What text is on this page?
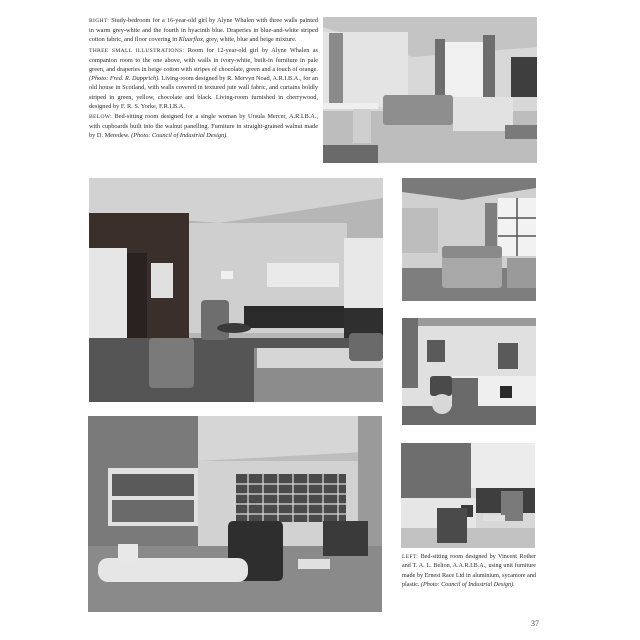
RIGHT: Study-bedroom for a 16-year-old girl by Alyne Whalen with three walls painted in warm grey-white and the fourth in hyacinth blue. Draperies in blue-and-white striped cotton fabric, and floor covering in Kluarflax, grey, white, blue and beige mixture.

THREE SMALL ILLUSTRATIONS: Room for 12-year-old girl by Alyne Whalen as companion room to the one above, with walls in ivory-white, built-in furniture in pale green, and draperies in beige cotton with stripes of chocolate, green and a touch of orange. (Photo: Fred. R. Dapprich). Living-room designed by R. Mervyn Noad, A.R.I.B.A., for an old house in Scotland, with walls covered in textured jute wall fabric, and curtains boldly striped in green, yellow, chocolate and black. Living-room furnished in cherrywood, designed by F. R. S. Yorke, F.R.I.B.A.

BELOW: Bed-sitting room designed for a single woman by Ursula Mercer, A.R.I.B.A., with cupboards built into the walnut panelling. Furniture in straight-grained walnut made by D. Meredew. (Photo: Council of Industrial Design).

LEFT: Bed-sitting room designed by Vincent Rother and T. A. L. Belton, A.A.R.I.B.A., using unit furniture made by Ernest Race Ltd in aluminium, sycamore and plastic. (Photo: Council of Industrial Design).

37
